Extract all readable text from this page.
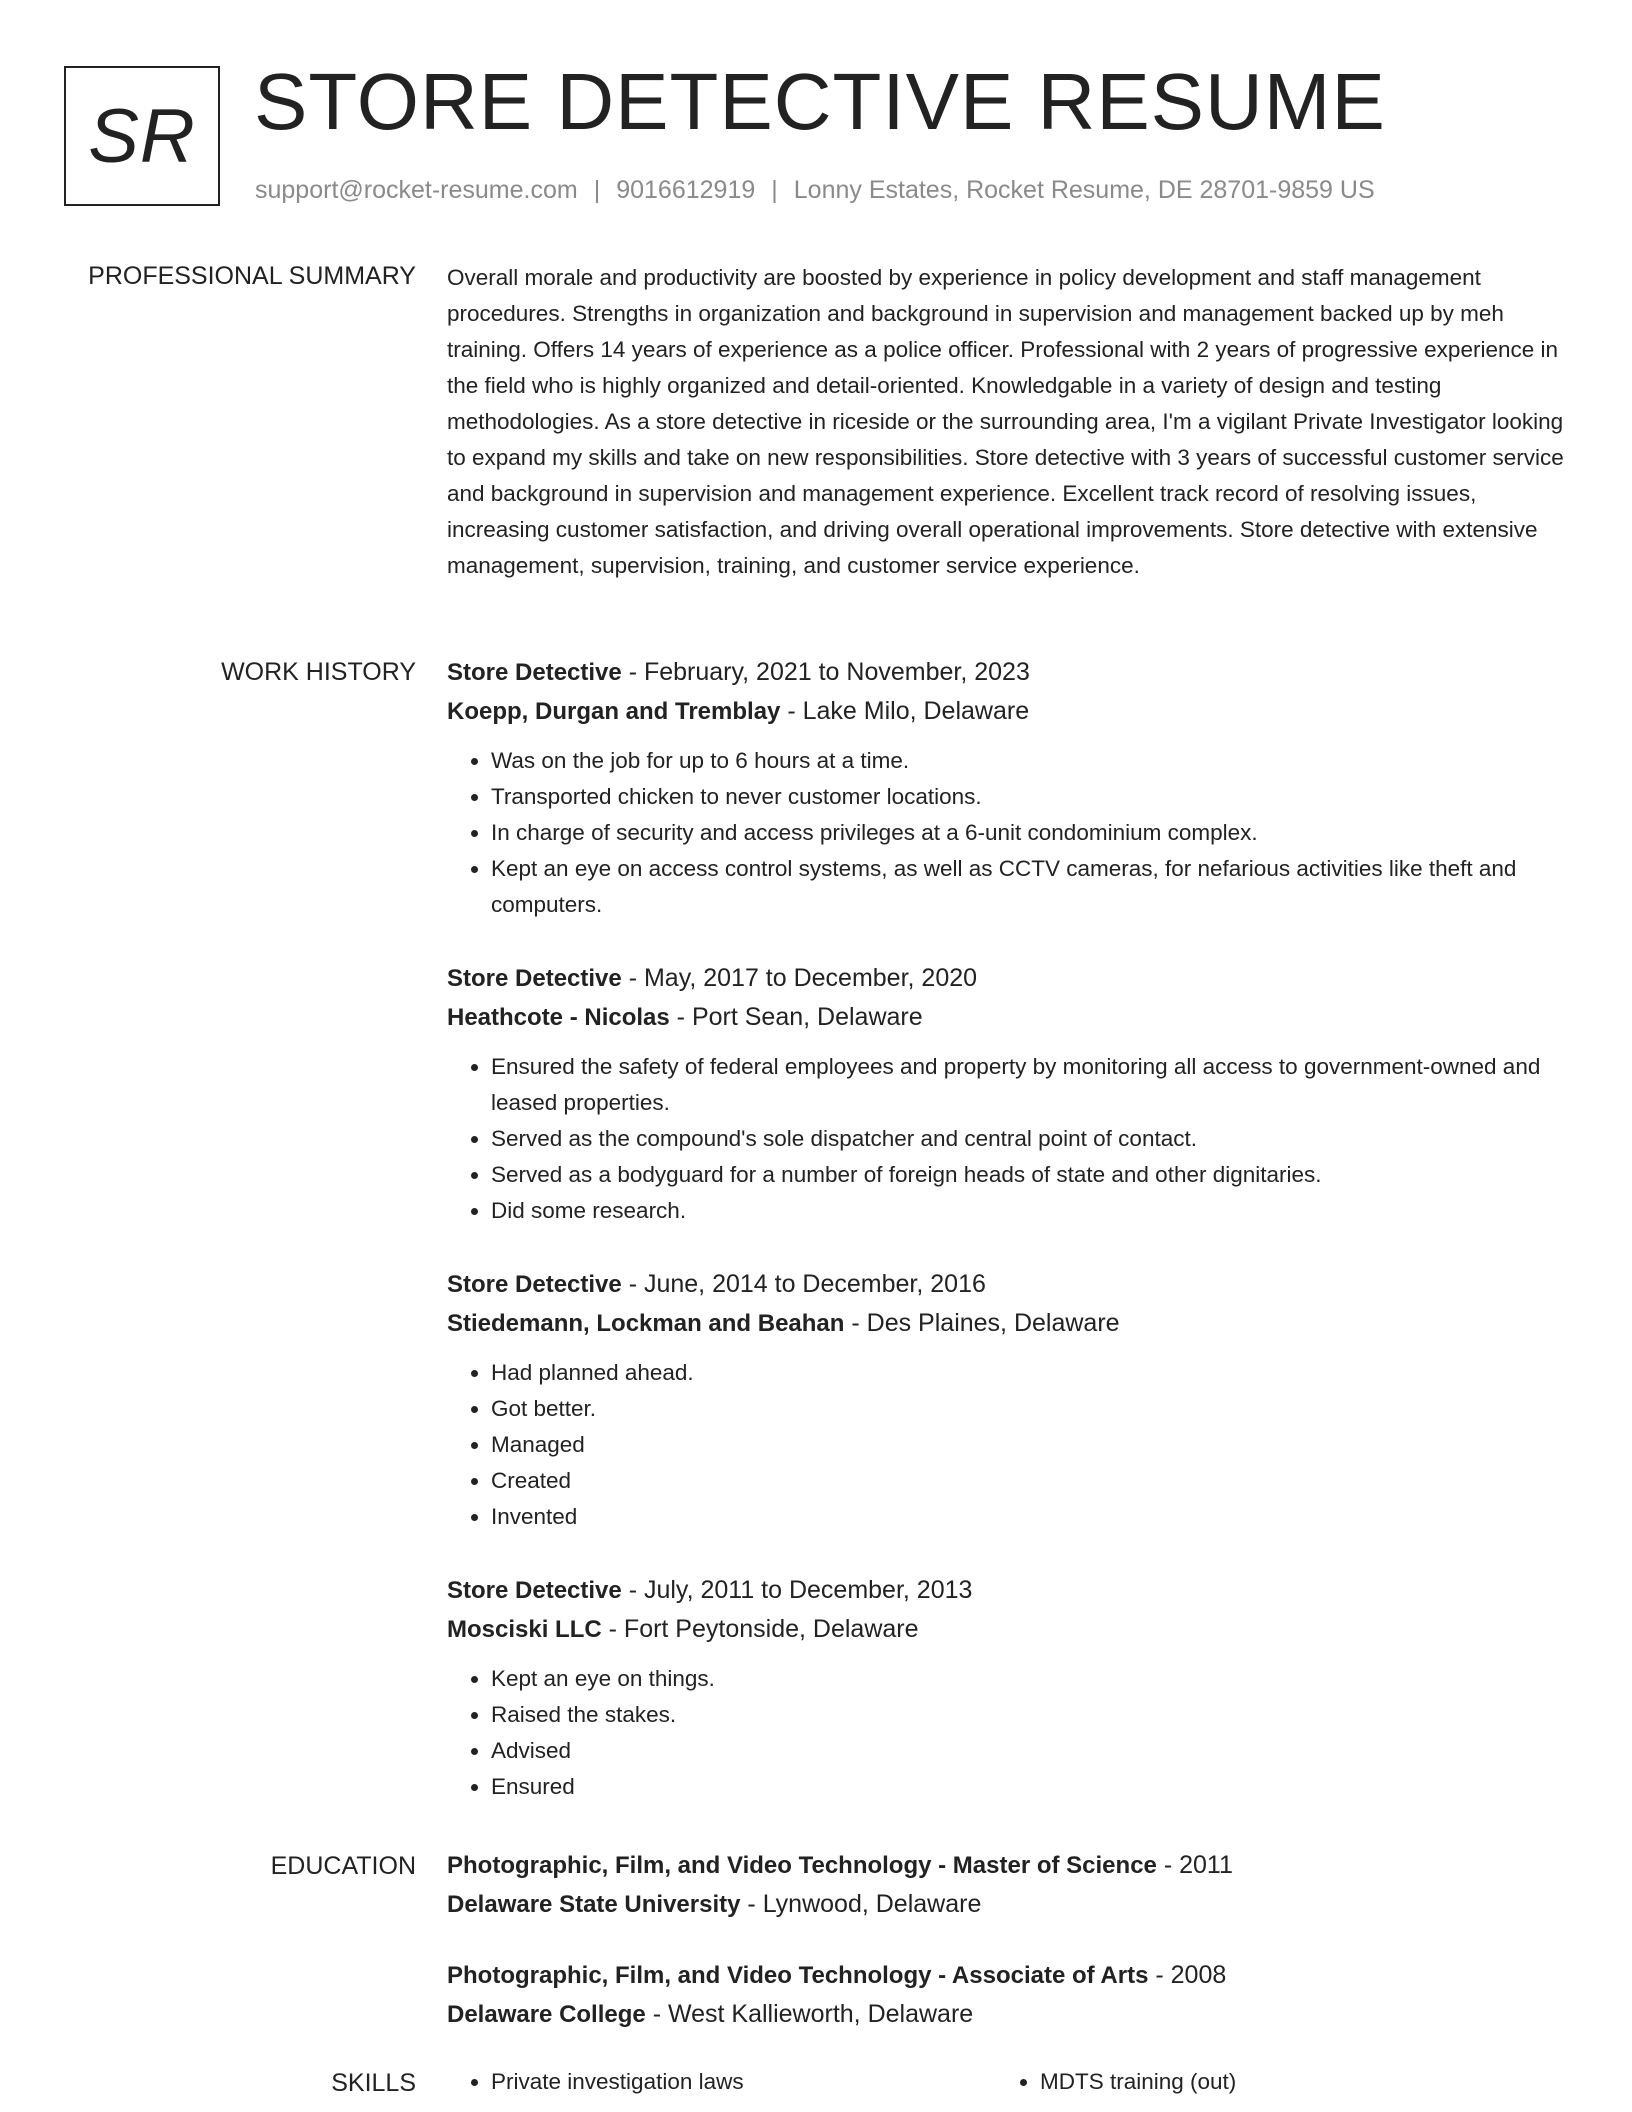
SR STORE DETECTIVE RESUME
support@rocket-resume.com | 9016612919 | Lonny Estates, Rocket Resume, DE 28701-9859 US
PROFESSIONAL SUMMARY Overall morale and productivity are boosted by experience in policy development and staff management procedures. Strengths in organization and background in supervision and management backed up by meh training. Offers 14 years of experience as a police officer. Professional with 2 years of progressive experience in the field who is highly organized and detail-oriented. Knowledgable in a variety of design and testing methodologies. As a store detective in riceside or the surrounding area, I'm a vigilant Private Investigator looking to expand my skills and take on new responsibilities. Store detective with 3 years of successful customer service and background in supervision and management experience. Excellent track record of resolving issues, increasing customer satisfaction, and driving overall operational improvements. Store detective with extensive management, supervision, training, and customer service experience.

WORK HISTORY Store Detective - February, 2021 to November, 2023
Koepp, Durgan and Tremblay - Lake Milo, Delaware
• Was on the job for up to 6 hours at a time.
• Transported chicken to never customer locations.
• In charge of security and access privileges at a 6-unit condominium complex.
• Kept an eye on access control systems, as well as CCTV cameras, for nefarious activities like theft and computers.
Store Detective - May, 2017 to December, 2020
Heathcote - Nicolas - Port Sean, Delaware
• Ensured the safety of federal employees and property by monitoring all access to government-owned and leased properties.
• Served as the compound's sole dispatcher and central point of contact.
• Served as a bodyguard for a number of foreign heads of state and other dignitaries.
• Did some research.
Store Detective - June, 2014 to December, 2016
Stiedemann, Lockman and Beahan - Des Plaines, Delaware
• Had planned ahead.
• Got better.
• Managed
• Created
• Invented
Store Detective - July, 2011 to December, 2013
Mosciski LLC - Fort Peytonside, Delaware
• Kept an eye on things.
• Raised the stakes.
• Advised
• Ensured
EDUCATION Photographic, Film, and Video Technology - Master of Science - 2011
Delaware State University - Lynwood, Delaware
Photographic, Film, and Video Technology - Associate of Arts - 2008
Delaware College - West Kallieworth, Delaware
SKILLS	• Private investigation laws	• MDTS training (out)
